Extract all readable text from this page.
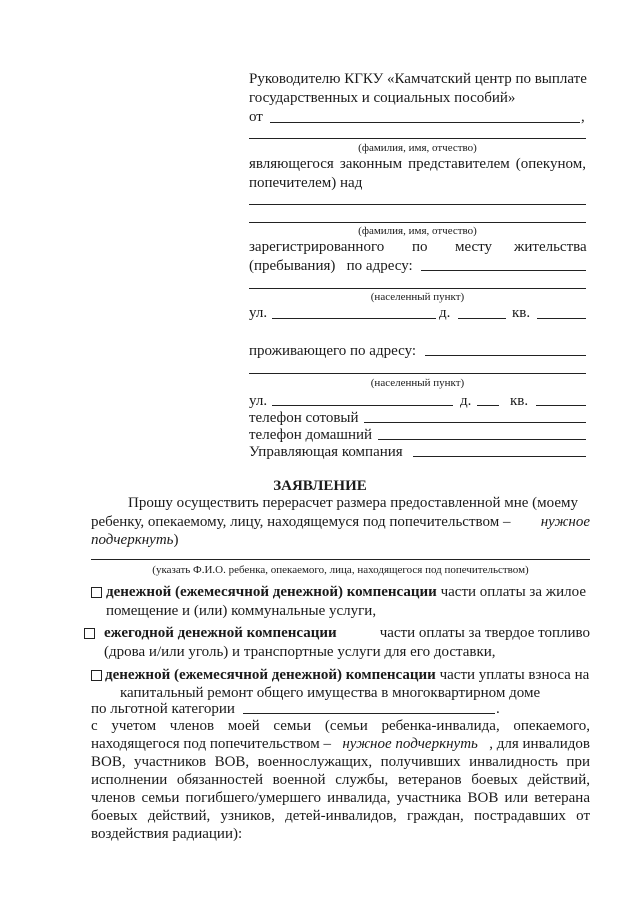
Руководителю КГКУ «Камчатский центр по выплате
государственных и социальных пособий»
от	,
(фамилия, имя, отчество)
являющегося законным представителем (опекуном,
попечителем) над
(фамилия, имя, отчество)
зарегистрированного по месту жительства
(пребывания)   по адресу:
(населенный пункт)
ул.	д.	кв.
проживающего по адресу:
(населенный пункт)
ул.	д.	кв.
телефон сотовый
телефон домашний
Управляющая компания
ЗАЯВЛЕНИЕ
Прошу осуществить перерасчет размера предоставленной мне (моему
ребенку, опекаемому, лицу, находящемуся под попечительством – нужное
подчеркнуть)
(указать Ф.И.О. ребенка, опекаемого, лица, находящегося под попечительством)
денежной (ежемесячной денежной) компенсации части оплаты за жилое
помещение и (или) коммунальные услуги,
ежегодной денежной компенсации	части оплаты за твердое топливо
(дрова и/или уголь) и транспортные услуги для его доставки,
денежной (ежемесячной денежной) компенсации части уплаты взноса на
капитальный ремонт общего имущества в многоквартирном доме
по льготной категории	.
с учетом членов моей семьи (семьи ребенка-инвалида, опекаемого,
находящегося под попечительством – нужное подчеркнуть , для инвалидов
ВОВ, участников ВОВ, военнослужащих, получивших инвалидность при
исполнении обязанностей военной службы, ветеранов боевых действий,
членов семьи погибшего/умершего инвалида, участника ВОВ или ветерана
боевых действий, узников, детей-инвалидов, граждан, пострадавших от
воздействия радиации):
